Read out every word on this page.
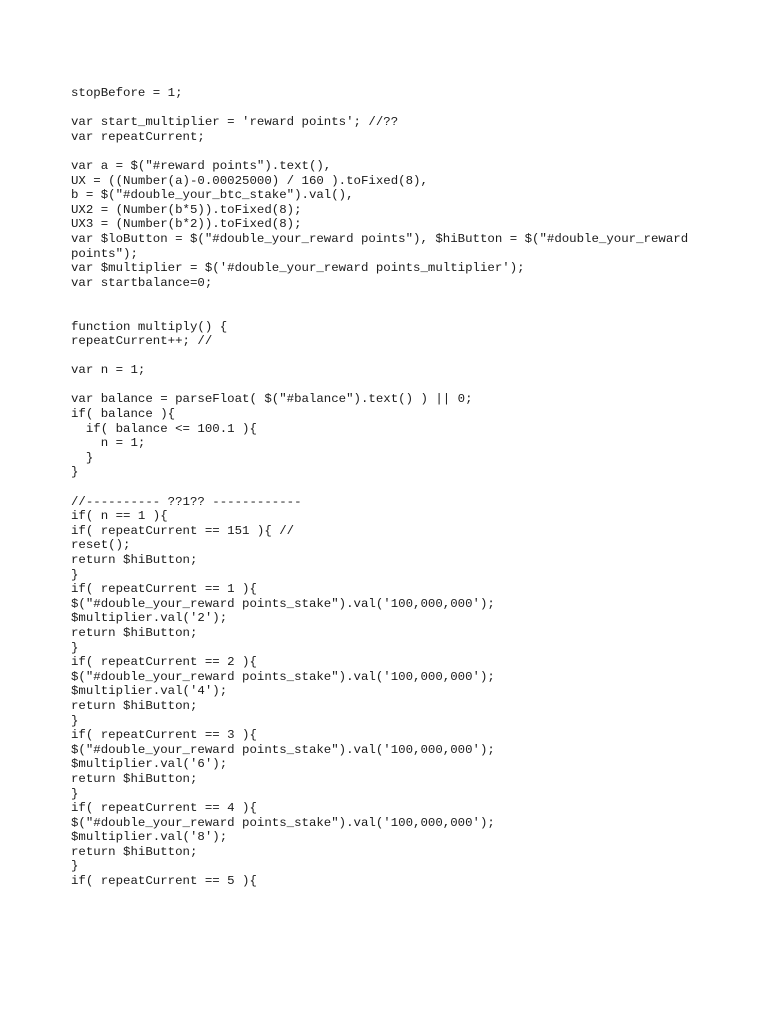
stopBefore = 1;
var start_multiplier = 'reward points'; //??
var repeatCurrent;
var a = $("#reward points").text(),
UX = ((Number(a)-0.00025000) / 160 ).toFixed(8),
b = $("#double_your_btc_stake").val(),
UX2 = (Number(b*5)).toFixed(8);
UX3 = (Number(b*2)).toFixed(8);
var $loButton = $("#double_your_reward points"), $hiButton = $("#double_your_reward
points");
var $multiplier = $('#double_your_reward points_multiplier');
var startbalance=0;
function multiply() {
repeatCurrent++; //
var n = 1;
var balance = parseFloat( $("#balance").text() ) || 0;
if( balance ){
if( balance <= 100.1 ){
n = 1;
}
}
//---------- ??1?? ------------
if( n == 1 ){
if( repeatCurrent == 151 ){ //
reset();
return $hiButton;
}
if( repeatCurrent == 1 ){
$("#double_your_reward points_stake").val('100,000,000');
$multiplier.val('2');
return $hiButton;
}
if( repeatCurrent == 2 ){
$("#double_your_reward points_stake").val('100,000,000');
$multiplier.val('4');
return $hiButton;
}
if( repeatCurrent == 3 ){
$("#double_your_reward points_stake").val('100,000,000');
$multiplier.val('6');
return $hiButton;
}
if( repeatCurrent == 4 ){
$("#double_your_reward points_stake").val('100,000,000');
$multiplier.val('8');
return $hiButton;
}
if( repeatCurrent == 5 ){
